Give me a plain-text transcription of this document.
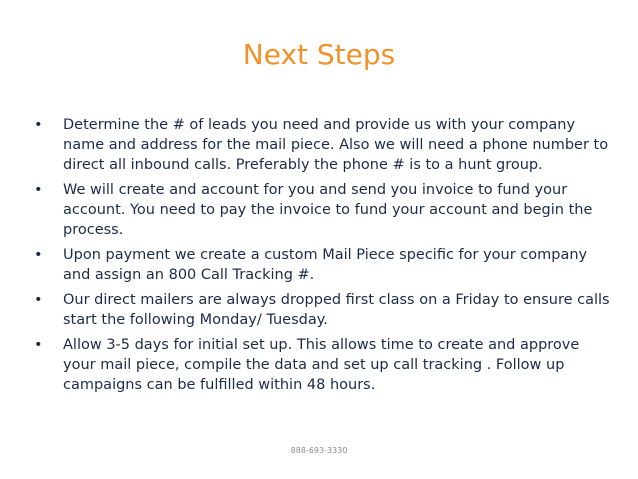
Next Steps
• Determine the # of leads you need and provide us with your company name and address for the mail piece. Also we will need a phone number to direct all inbound calls. Preferably the phone # is to a hunt group.
• We will create and account for you and send you invoice to fund your account. You need to pay the invoice to fund your account and begin the process.
• Upon payment we create a custom Mail Piece specific for your company and assign an 800 Call Tracking #.
• Our direct mailers are always dropped first class on a Friday to ensure calls start the following Monday/ Tuesday.
• Allow 3-5 days for initial set up. This allows time to create and approve your mail piece, compile the data and set up call tracking . Follow up campaigns can be fulfilled within 48 hours.
888-693-3330
